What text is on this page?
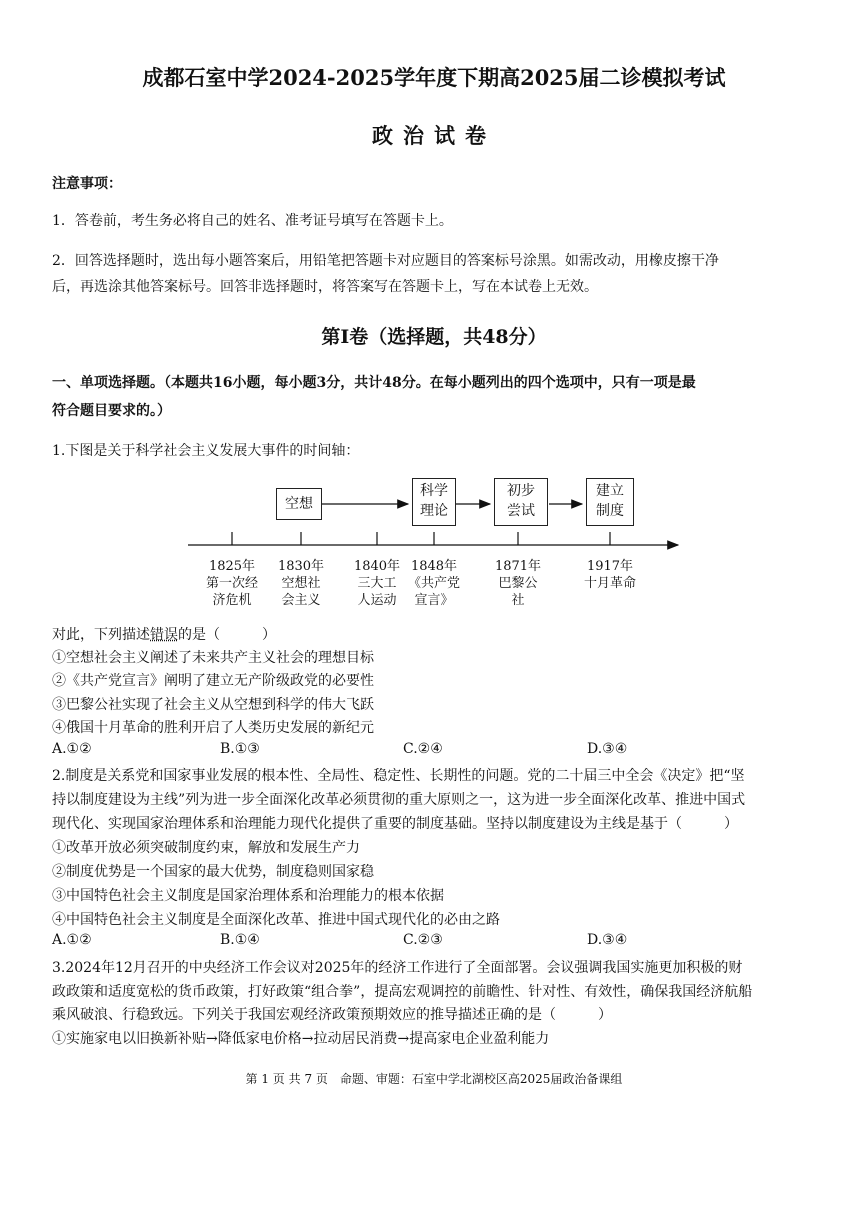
成都石室中学2024-2025学年度下期高2025届二诊模拟考试
政治试卷
注意事项：
1．答卷前，考生务必将自己的姓名、准考证号填写在答题卡上。
2．回答选择题时，选出每小题答案后，用铅笔把答题卡对应题目的答案标号涂黑。如需改动，用橡皮擦干净
后，再选涂其他答案标号。回答非选择题时，将答案写在答题卡上，写在本试卷上无效。
第Ⅰ卷（选择题，共48分）
一、单项选择题。（本题共16小题，每小题3分，共计48分。在每小题列出的四个选项中，只有一项是最
符合题目要求的。）
1.下图是关于科学社会主义发展大事件的时间轴：
空想
科学
理论
初步
尝试
建立
制度
1825年
第一次经
济危机
1830年
空想社
会主义
1840年
三大工
人运动
1848年
《共产党
宣言》
1871年
巴黎公
社
1917年
十月革命
对此，下列描述错误的是（　　　）
①空想社会主义阐述了未来共产主义社会的理想目标
②《共产党宣言》阐明了建立无产阶级政党的必要性
③巴黎公社实现了社会主义从空想到科学的伟大飞跃
④俄国十月革命的胜利开启了人类历史发展的新纪元
A.①②	B.①③	C.②④	D.③④
2.制度是关系党和国家事业发展的根本性、全局性、稳定性、长期性的问题。党的二十届三中全会《决定》把“坚
持以制度建设为主线”列为进一步全面深化改革必须贯彻的重大原则之一，这为进一步全面深化改革、推进中国式
现代化、实现国家治理体系和治理能力现代化提供了重要的制度基础。坚持以制度建设为主线是基于（　　　）
①改革开放必须突破制度约束，解放和发展生产力
②制度优势是一个国家的最大优势，制度稳则国家稳
③中国特色社会主义制度是国家治理体系和治理能力的根本依据
④中国特色社会主义制度是全面深化改革、推进中国式现代化的必由之路
A.①②	B.①④	C.②③	D.③④
3.2024年12月召开的中央经济工作会议对2025年的经济工作进行了全面部署。会议强调我国实施更加积极的财
政政策和适度宽松的货币政策，打好政策“组合拳”，提高宏观调控的前瞻性、针对性、有效性，确保我国经济航船
乘风破浪、行稳致远。下列关于我国宏观经济政策预期效应的推导描述正确的是（　　　）
①实施家电以旧换新补贴→降低家电价格→拉动居民消费→提高家电企业盈利能力
第 1 页 共 7 页　命题、审题：石室中学北湖校区高2025届政治备课组
